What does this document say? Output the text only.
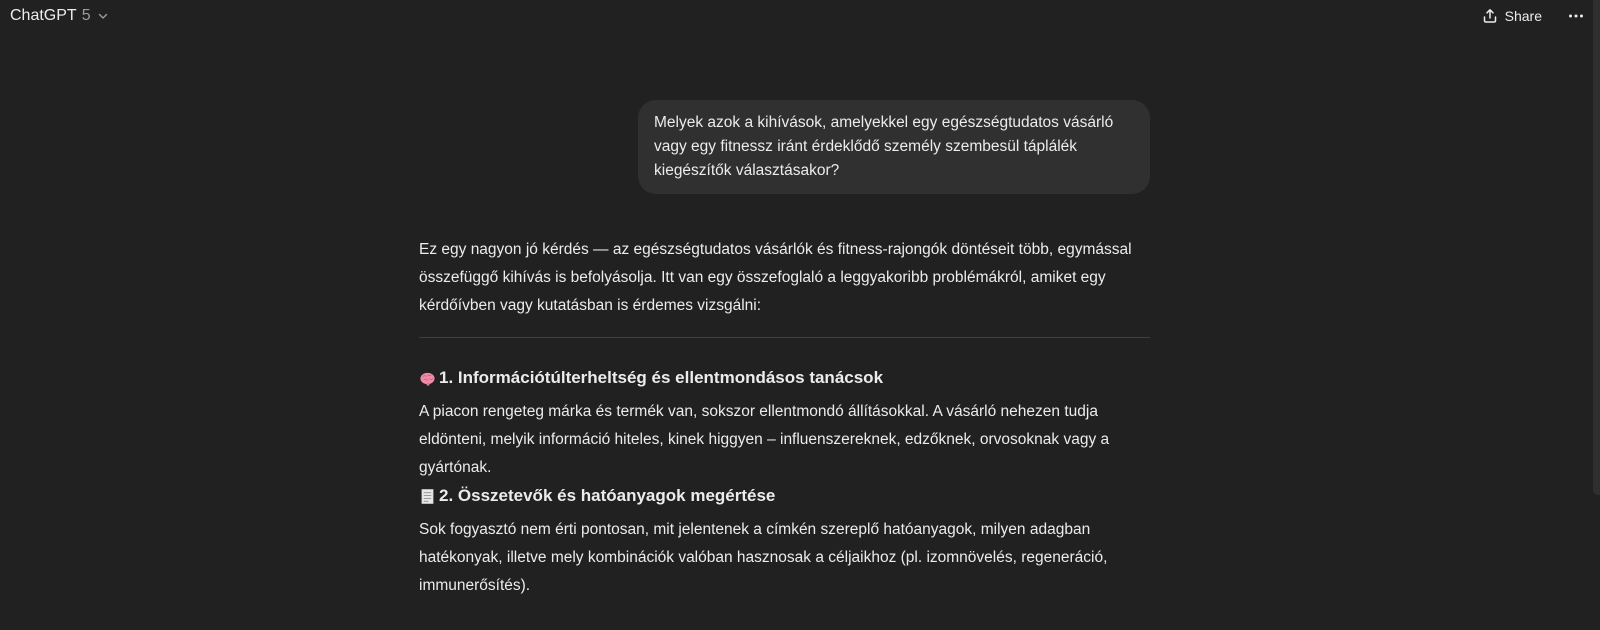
ChatGPT 5	Share
Melyek azok a kihívások, amelyekkel egy egészségtudatos vásárló vagy egy fitnessz iránt érdeklődő személy szembesül táplálék kiegészítők választásakor?

Ez egy nagyon jó kérdés — az egészségtudatos vásárlók és fitness-rajongók döntéseit több, egymással összefüggő kihívás is befolyásolja. Itt van egy összefoglaló a leggyakoribb problémákról, amiket egy kérdőívben vagy kutatásban is érdemes vizsgálni:

1. Információtúlterheltség és ellentmondásos tanácsok

A piacon rengeteg márka és termék van, sokszor ellentmondó állításokkal. A vásárló nehezen tudja eldönteni, melyik információ hiteles, kinek higgyen – influenszereknek, edzőknek, orvosoknak vagy a gyártónak.

2. Összetevők és hatóanyagok megértése

Sok fogyasztó nem érti pontosan, mit jelentenek a címkén szereplő hatóanyagok, milyen adagban hatékonyak, illetve mely kombinációk valóban hasznosak a céljaikhoz (pl. izomnövelés, regeneráció, immunerősítés).
